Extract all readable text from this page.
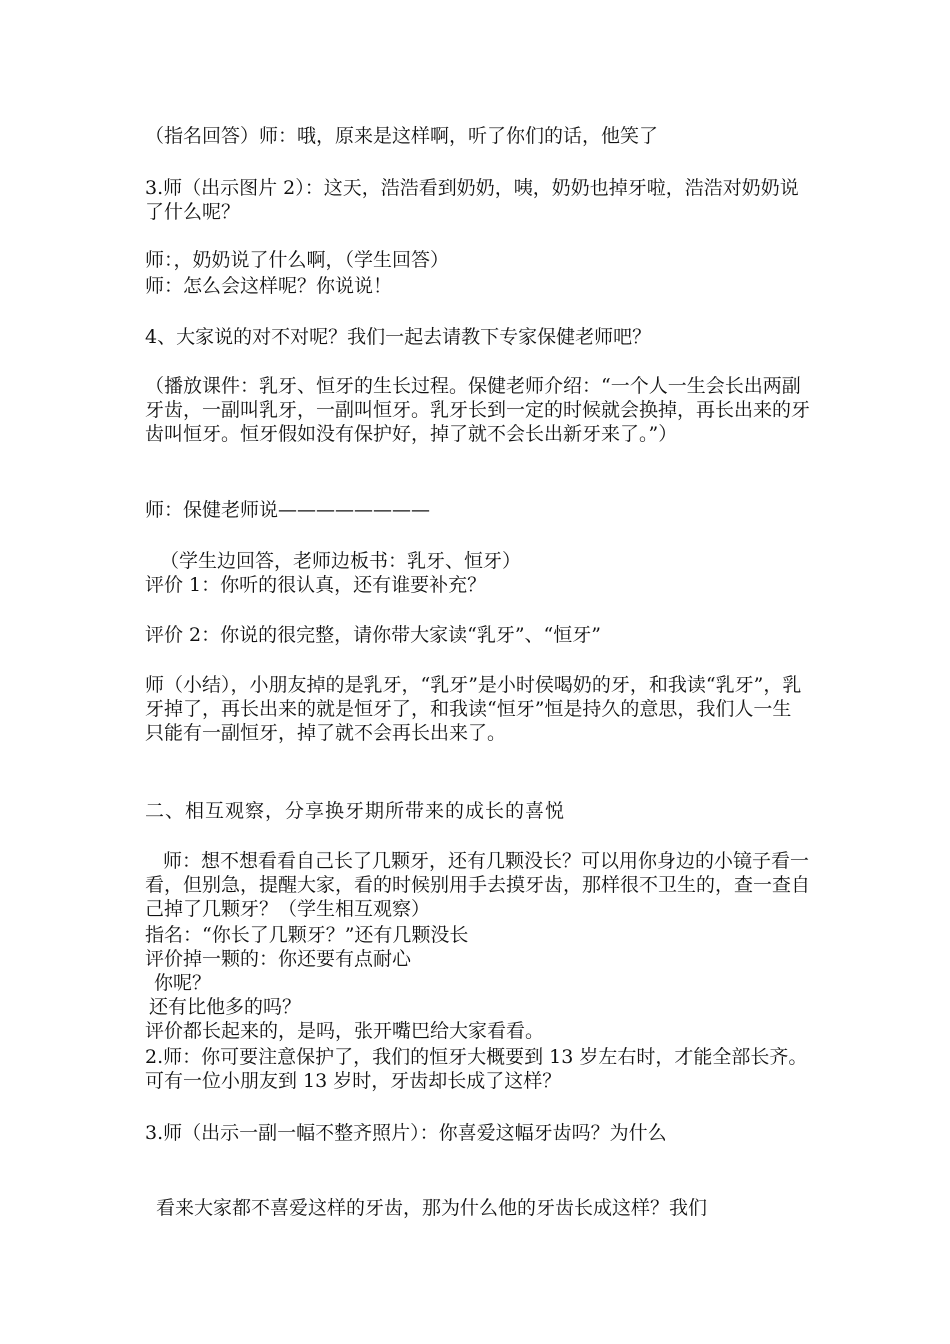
（指名回答）师：哦，原来是这样啊，听了你们的话，他笑了

3.师（出示图片 2）：这天，浩浩看到奶奶，咦，奶奶也掉牙啦，浩浩对奶奶说了什么呢？

师：，奶奶说了什么啊，（学生回答）

师：怎么会这样呢？你说说！

4、大家说的对不对呢？我们一起去请教下专家保健老师吧？

（播放课件：乳牙、恒牙的生长过程。保健老师介绍：“一个人一生会长出两副牙齿，一副叫乳牙，一副叫恒牙。乳牙长到一定的时候就会换掉，再长出来的牙齿叫恒牙。恒牙假如没有保护好，掉了就不会长出新牙来了。”）

师：保健老师说————————

（学生边回答，老师边板书：乳牙、恒牙）

评价 1：你听的很认真，还有谁要补充？

评价 2：你说的很完整，请你带大家读“乳牙”、“恒牙”

师（小结），小朋友掉的是乳牙，“乳牙”是小时侯喝奶的牙，和我读“乳牙”，乳牙掉了，再长出来的就是恒牙了，和我读“恒牙”恒是持久的意思，我们人一生只能有一副恒牙，掉了就不会再长出来了。

二、相互观察，分享换牙期所带来的成长的喜悦

师：想不想看看自己长了几颗牙，还有几颗没长？可以用你身边的小镜子看一看，但别急，提醒大家，看的时候别用手去摸牙齿，那样很不卫生的，查一查自己掉了几颗牙？（学生相互观察）

指名：“你长了几颗牙？”还有几颗没长

评价掉一颗的：你还要有点耐心

你呢？

还有比他多的吗？

评价都长起来的，是吗，张开嘴巴给大家看看。

2.师：你可要注意保护了，我们的恒牙大概要到 13 岁左右时，才能全部长齐。可有一位小朋友到 13 岁时，牙齿却长成了这样？

3.师（出示一副一幅不整齐照片）：你喜爱这幅牙齿吗？为什么

看来大家都不喜爱这样的牙齿，那为什么他的牙齿长成这样？我们
